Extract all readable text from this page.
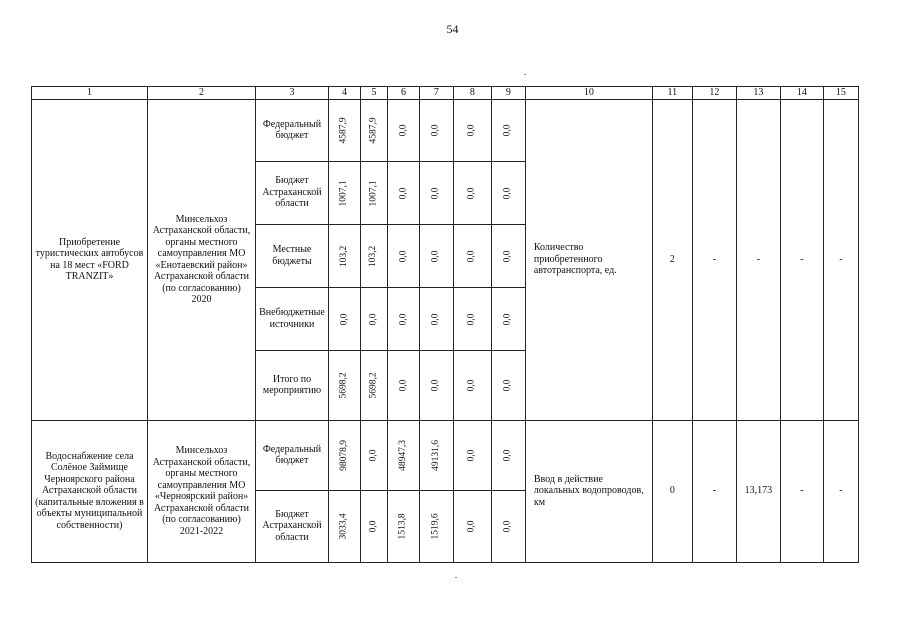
54
1	2	3	4	5	6	7	8	9	10	11	12	13	14	15
Приобретение туристических автобусов на 18 мест «FORD TRANZIT»	Минсельхоз Астраханской области, органы местного самоуправления МО «Енотаевский район» Астраханской области (по согласованию) 2020	Федеральный бюджет	4587,9	4587,9	0,0	0,0	0,0	0,0	Количество приобретенного автотранспорта, ед.	2	-	-	-	-
		Бюджет Астраханской области	1007,1	1007,1	0,0	0,0	0,0	0,0						
		Местные бюджеты	103,2	103,2	0,0	0,0	0,0	0,0						
		Внебюджетные источники	0,0	0,0	0,0	0,0	0,0	0,0						
		Итого по мероприятию	5698,2	5698,2	0,0	0,0	0,0	0,0						
Водоснабжение села Солёное Займище Черноярского района Астраханской области (капитальные вложения в объекты муниципальной собственности)	Минсельхоз Астраханской области, органы местного самоуправления МО «Черноярский район» Астраханской области (по согласованию) 2021-2022	Федеральный бюджет	98078,9	0,0	48947,3	49131,6	0,0	0,0	Ввод в действие локальных водопроводов, км	0	-	13,173	-	-
		Бюджет Астраханской области	3033,4	0,0	1513,8	1519,6	0,0	0,0						
